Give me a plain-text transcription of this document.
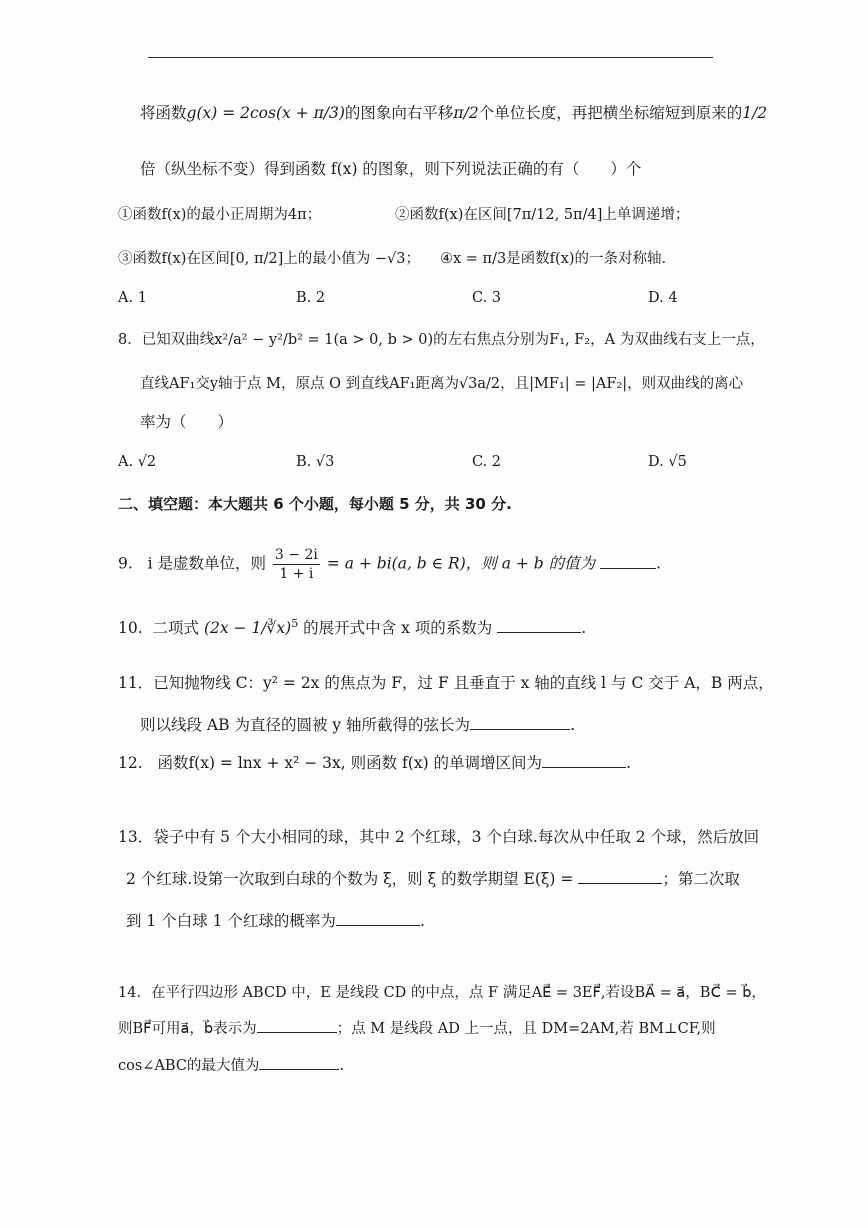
将函数g(x) = 2cos(x + π/3)的图象向右平移π/2个单位长度，再把横坐标缩短到原来的1/2
倍（纵坐标不变）得到函数 f(x) 的图象，则下列说法正确的有（　　）个
①函数f(x)的最小正周期为4π；	②函数f(x)在区间[7π/12, 5π/4]上单调递增；
③函数f(x)在区间[0, π/2]上的最小值为 −√3； ④x = π/3是函数f(x)的一条对称轴.
A. 1	B. 2	C. 3	D. 4
8．已知双曲线x²/a² − y²/b² = 1(a > 0, b > 0)的左右焦点分别为F₁, F₂，A 为双曲线右支上一点，
直线AF₁交y轴于点 M，原点 O 到直线AF₁距离为√3a/2，且|MF₁| = |AF₂|，则双曲线的离心
率为（　　）
A. √2	B. √3	C. 2	D. √5
二、填空题：本大题共 6 个小题，每小题 5 分，共 30 分.
9. i 是虚数单位，则 $\frac{3 - 2i}{1 + i} = a + bi(a$, b ∈ R)，则 a + b 的值为	.
10. 二项式 (2x − 1/∛x)$^5$ 的展开式中含 x 项的系数为	.
11．已知抛物线 C：y² = 2x 的焦点为 F，过 F 且垂直于 x 轴的直线 l 与 C 交于 A，B 两点，
则以线段 AB 为直径的圆被 y 轴所截得的弦长为	.
12. 函数f(x) = lnx + x² − 3x, 则函数 f(x) 的单调增区间为	.
13．袋子中有 5 个大小相同的球，其中 2 个红球，3 个白球.每次从中任取 2 个球，然后放回
2 个红球.设第一次取到白球的个数为 ξ，则 ξ 的数学期望 E(ξ) =	；第二次取
到 1 个白球 1 个红球的概率为	.
14．在平行四边形 ABCD 中，E 是线段 CD 的中点，点 F 满足AE⃗ = 3EF⃗,若设BA⃗ = a⃗，BC⃗ = b⃗，
则BF⃗可用a⃗，b⃗表示为	；点 M 是线段 AD 上一点，且 DM=2AM,若 BM⊥CF,则
cos∠ABC的最大值为	.
